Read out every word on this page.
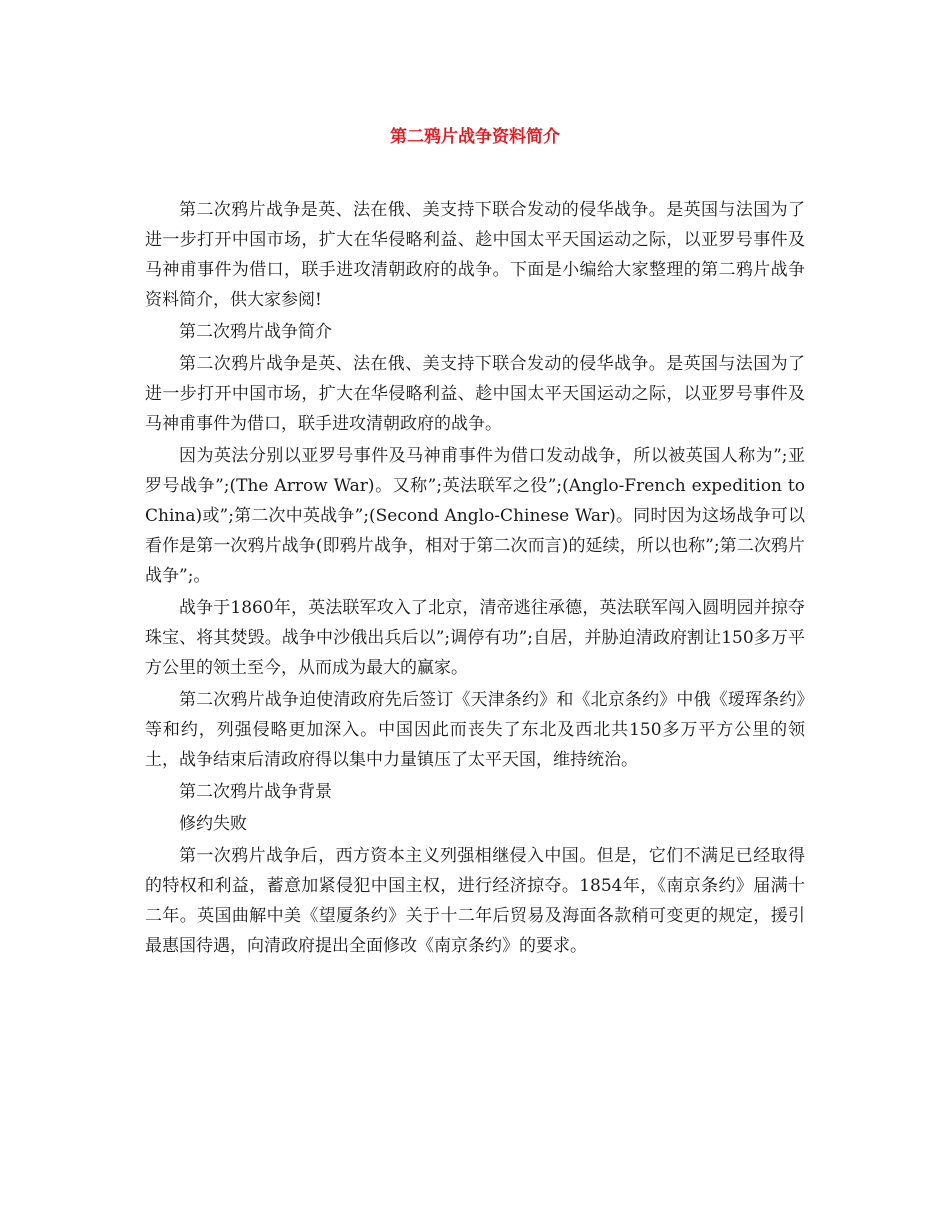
第二鸦片战争资料简介

第二次鸦片战争是英、法在俄、美支持下联合发动的侵华战争。是英国与法国为了进一步打开中国市场，扩大在华侵略利益、趁中国太平天国运动之际，以亚罗号事件及马神甫事件为借口，联手进攻清朝政府的战争。下面是小编给大家整理的第二鸦片战争资料简介，供大家参阅!

第二次鸦片战争简介

第二次鸦片战争是英、法在俄、美支持下联合发动的侵华战争。是英国与法国为了进一步打开中国市场，扩大在华侵略利益、趁中国太平天国运动之际，以亚罗号事件及马神甫事件为借口，联手进攻清朝政府的战争。

因为英法分别以亚罗号事件及马神甫事件为借口发动战争，所以被英国人称为”;亚罗号战争”;(The Arrow War)。又称”;英法联军之役”;(Anglo-French expedition to China)或”;第二次中英战争”;(Second Anglo-Chinese War)。同时因为这场战争可以看作是第一次鸦片战争(即鸦片战争，相对于第二次而言)的延续，所以也称”;第二次鸦片战争”;。

战争于1860年，英法联军攻入了北京，清帝逃往承德，英法联军闯入圆明园并掠夺珠宝、将其焚毁。战争中沙俄出兵后以”;调停有功”;自居，并胁迫清政府割让150多万平方公里的领土至今，从而成为最大的赢家。

第二次鸦片战争迫使清政府先后签订《天津条约》和《北京条约》中俄《瑷珲条约》等和约，列强侵略更加深入。中国因此而丧失了东北及西北共150多万平方公里的领土，战争结束后清政府得以集中力量镇压了太平天国，维持统治。

第二次鸦片战争背景

修约失败

第一次鸦片战争后，西方资本主义列强相继侵入中国。但是，它们不满足已经取得的特权和利益，蓄意加紧侵犯中国主权，进行经济掠夺。1854年，《南京条约》届满十二年。英国曲解中美《望厦条约》关于十二年后贸易及海面各款稍可变更的规定，援引最惠国待遇，向清政府提出全面修改《南京条约》的要求。
